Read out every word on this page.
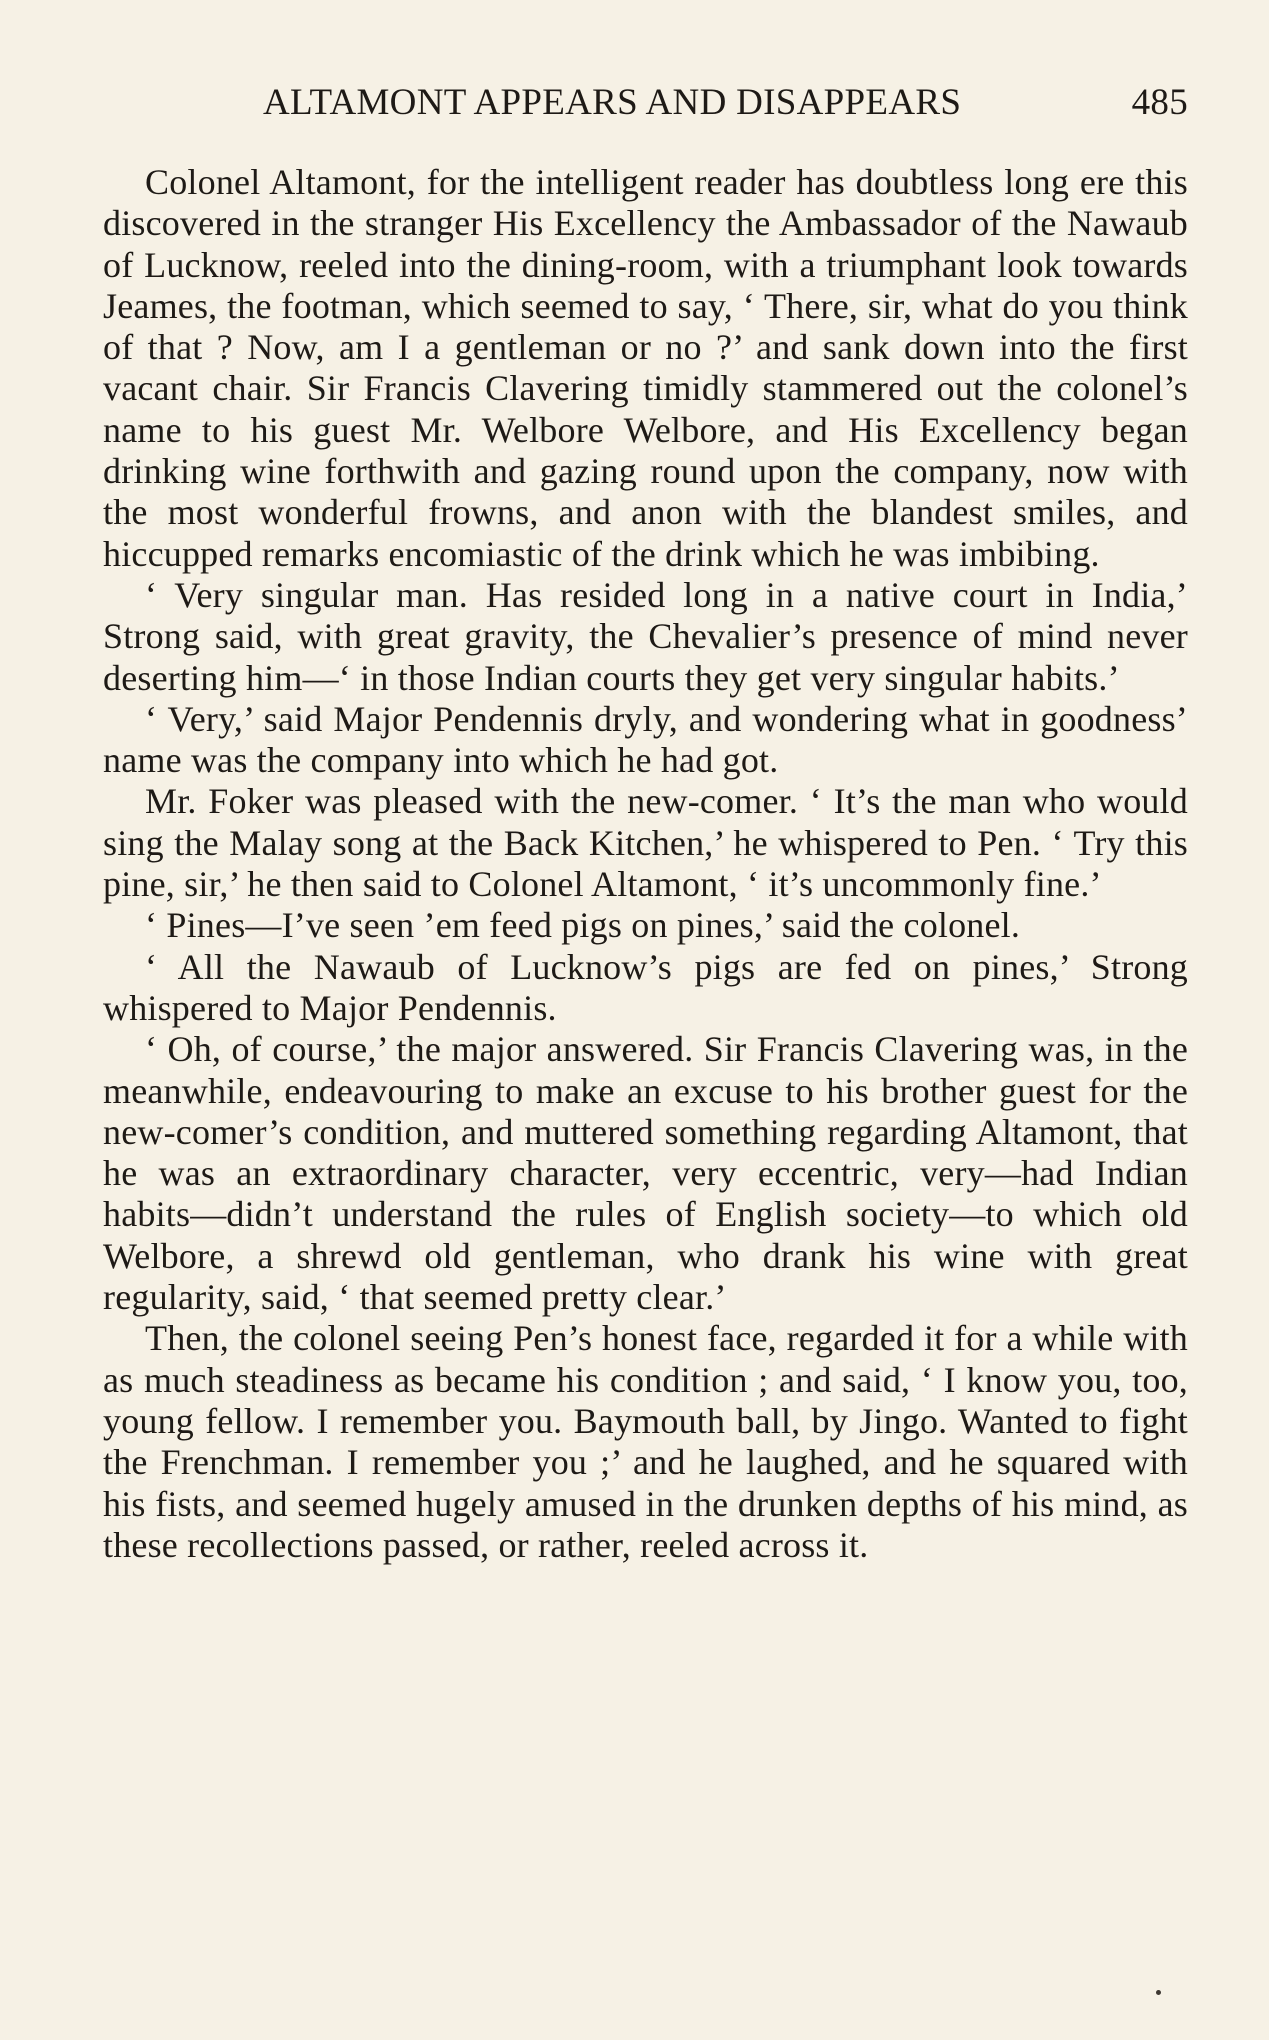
ALTAMONT APPEARS AND DISAPPEARS	485

Colonel Altamont, for the intelligent reader has doubtless long ere this discovered in the stranger His Excellency the Ambassador of the Nawaub of Lucknow, reeled into the dining-room, with a triumphant look towards Jeames, the footman, which seemed to say, ‘ There, sir, what do you think of that ? Now, am I a gentleman or no ?’ and sank down into the first vacant chair. Sir Francis Clavering timidly stammered out the colonel’s name to his guest Mr. Welbore Welbore, and His Excellency began drinking wine forthwith and gazing round upon the company, now with the most wonderful frowns, and anon with the blandest smiles, and hiccupped remarks encomiastic of the drink which he was imbibing.

‘ Very singular man. Has resided long in a native court in India,’ Strong said, with great gravity, the Chevalier’s presence of mind never deserting him—‘ in those Indian courts they get very singular habits.’

‘ Very,’ said Major Pendennis dryly, and wondering what in goodness’ name was the company into which he had got.

Mr. Foker was pleased with the new-comer. ‘ It’s the man who would sing the Malay song at the Back Kitchen,’ he whispered to Pen. ‘ Try this pine, sir,’ he then said to Colonel Altamont, ‘ it’s uncommonly fine.’

‘ Pines—I’ve seen ’em feed pigs on pines,’ said the colonel.

‘ All the Nawaub of Lucknow’s pigs are fed on pines,’ Strong whispered to Major Pendennis.

‘ Oh, of course,’ the major answered. Sir Francis Clavering was, in the meanwhile, endeavouring to make an excuse to his brother guest for the new-comer’s condition, and muttered something regarding Altamont, that he was an extraordinary character, very eccentric, very—had Indian habits—didn’t understand the rules of English society—to which old Welbore, a shrewd old gentleman, who drank his wine with great regularity, said, ‘ that seemed pretty clear.’

Then, the colonel seeing Pen’s honest face, regarded it for a while with as much steadiness as became his condition ; and said, ‘ I know you, too, young fellow. I remember you. Baymouth ball, by Jingo. Wanted to fight the Frenchman. I remember you ;’ and he laughed, and he squared with his fists, and seemed hugely amused in the drunken depths of his mind, as these recollections passed, or rather, reeled across it.
